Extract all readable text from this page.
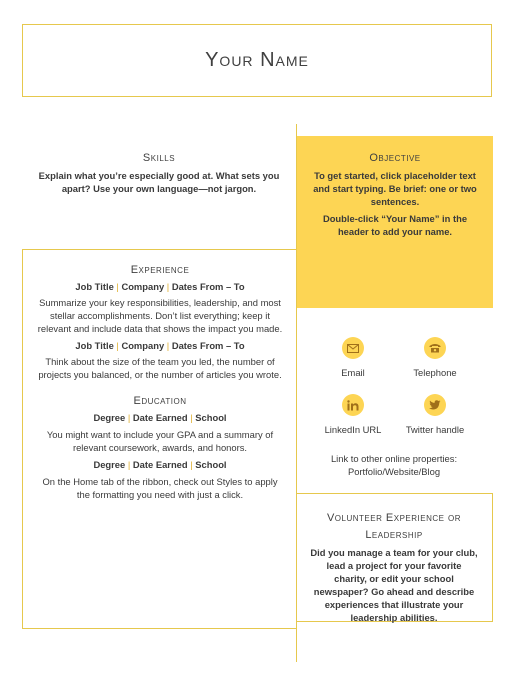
Your Name
Skills
Explain what you’re especially good at. What sets you apart? Use your own language—not jargon.
Objective
To get started, click placeholder text and start typing. Be brief: one or two sentences.
Double-click “Your Name” in the header to add your name.
Experience
Job Title | Company | Dates From – To
Summarize your key responsibilities, leadership, and most stellar accomplishments. Don’t list everything; keep it relevant and include data that shows the impact you made.
Job Title | Company | Dates From – To
Think about the size of the team you led, the number of projects you balanced, or the number of articles you wrote.
Education
Degree | Date Earned | School
You might want to include your GPA and a summary of relevant coursework, awards, and honors.
Degree | Date Earned | School
On the Home tab of the ribbon, check out Styles to apply the formatting you need with just a click.
Email	Telephone
LinkedIn URL	Twitter handle
Link to other online properties: Portfolio/Website/Blog
Volunteer Experience or Leadership
Did you manage a team for your club, lead a project for your favorite charity, or edit your school newspaper? Go ahead and describe experiences that illustrate your leadership abilities.
